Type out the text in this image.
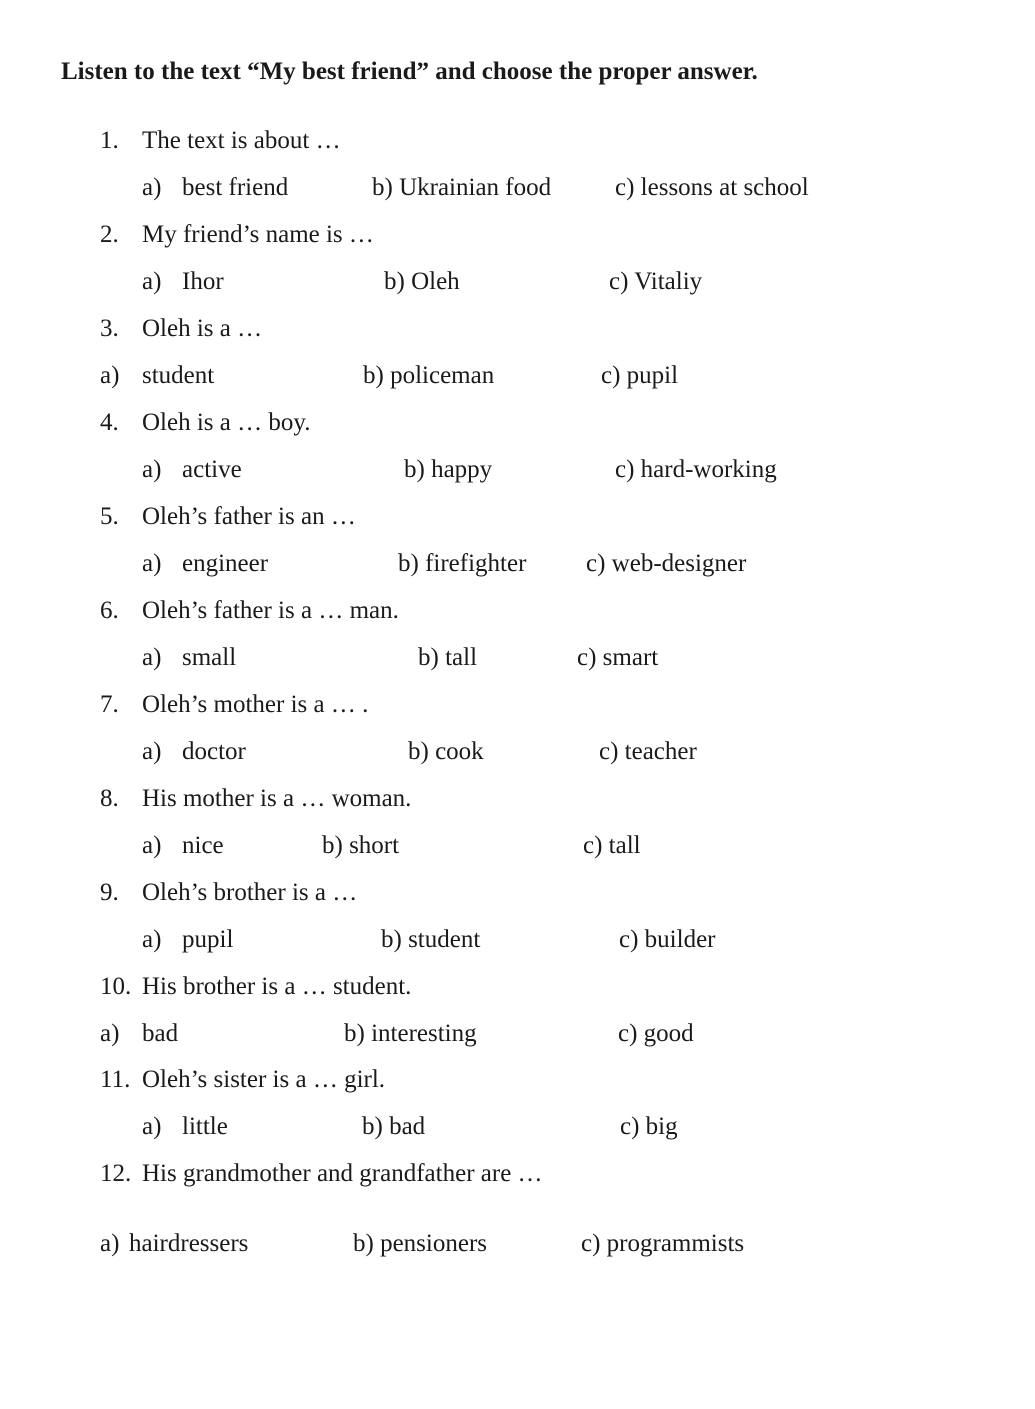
Listen to the text “My best friend” and choose the proper answer.
1. The text is about …
a) best friend	b) Ukrainian food	c) lessons at school
2. My friend’s name is …
a) Ihor	b) Oleh	c) Vitaliy
3. Oleh is a …
a) student	b) policeman	c) pupil
4. Oleh is a … boy.
a) active	b) happy	c) hard-working
5. Oleh’s father is an …
a) engineer	b) firefighter c) web-designer
6. Oleh’s father is a … man.
a) small	b) tall	c) smart
7. Oleh’s mother is a … .
a) doctor	b) cook	c) teacher
8. His mother is a … woman.
a) nice	b) short	c) tall
9. Oleh’s brother is a …
a) pupil	b) student	c) builder
10. His brother is a … student.
a) bad	b) interesting	c) good
11. Oleh’s sister is a … girl.
a) little	b) bad	c) big
12. His grandmother and grandfather are …
a) hairdressers	b) pensioners	c) programmists
